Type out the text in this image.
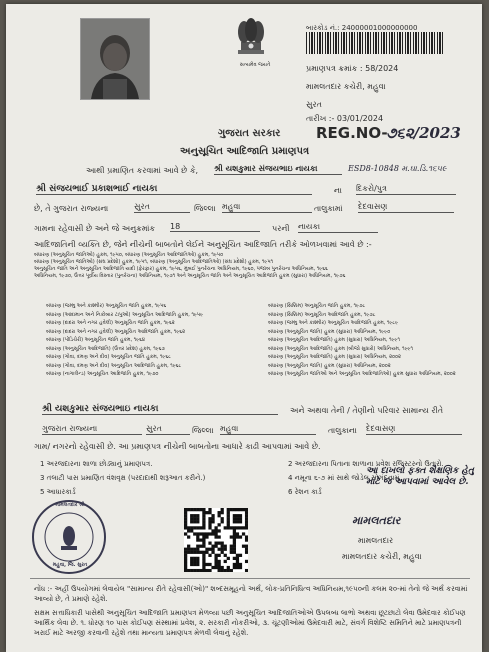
સત્યમેવ જયતે
બારકોડ નં.: 24000001000000000
પ્રમાણપત્ર ક્રમાંક : 58/2024
મામલતદાર કચેરી, મહુવા
સુરત
તારીખ :- 03/01/2024
ગુજરાત સરકાર REG.NO-
૭૬૨/2023
અનુસૂચિત આદિજાતિ પ્રમાણપત્ર
ESD8-10848 મ.ઘા.ડિ.૧૬૫૯
આથી પ્રમાણિત કરવામાં આવે છે કે, શ્રી યશકુમાર સંજયભાઇ નાયકા
શ્રી સંજયભાઈ પ્રકાશભાઈ નાયકા	ના દિકરો/પુત્ર
છે, તે ગુજરાત રાજ્યના	સુરત	જિલ્લા મહુવા	તાલુકામાં દેદવાસણ
ગામના રહેવાસી છે અને જે અનુક્રમાંક 18	પરની નાયકા
આદિજાતિની વ્યક્તિ છે, જેને નીચેની બાબતોને લેઈને અનુસૂચિત આદિજાતિ તરીકે ઓળખવામાં આવે છે :-
બંધારણ (અનુસૂચિત જાતિઓ) હુકમ, ૧૯૫૦, બંધારણ (અનુસૂચિત આદિજાતિઓ) હુકમ, ૧૯૫૦
બંધારણ (અનુસૂચિત જાતિઓ) (સંઘ પ્રદેશો) હુકમ, ૧૯૫૧, બંધારણ (અનુસૂચિત આદિજાતિઓ) (સંઘ પ્રદેશો) હુકમ, ૧૯૫૧
અનુસૂચિત જાતિ અને અનુસૂચિત આદિજાતિ યાદી (ફેરફાર) હુકમ, ૧૯૫૬, મુંબઈ પુનર્રચના અધિનિયમ, ૧૯૬૦, પંજાબ પુનર્રચના અધિનિયમ, ૧૯૬૬
અધિનિયમ, ૧૯૭૦, ઉત્તર પૂર્વીય વિસ્તાર (પુનર્રચના) અધિનિયમ, ૧૯૭૧ અને અનુસૂચિત જાતિ અને અનુસૂચિત આદિજાતિ હુકમ (સુધારા) અધિનિયમ, ૧૯૭૬
બંધારણ (જમ્મુ અને કાશ્મીર) અનુસૂચિત જાતિ હુકમ, ૧૯૫૬
બંધારણ (આંદામાન અને નિકોબાર ટાપુઓ) અનુસૂચિત આદિજાતિ હુકમ, ૧૯૫૯
બંધારણ (દાદરા અને નગર હવેલી) અનુસૂચિત જાતિ હુકમ, ૧૯૬૨
બંધારણ (દાદરા અને નગર હવેલી) અનુસૂચિત આદિજાતિ હુકમ, ૧૯૬૨
બંધારણ (પોંડિચેરી) અનુસૂચિત જાતિ હુકમ, ૧૯૬૪
બંધારણ (અનુસૂચિત આદિજાતિ) (ઉત્તર પ્રદેશ) હુકમ, ૧૯૬૭
બંધારણ (ગોવા, દમણ અને દીવ) અનુસૂચિત જાતિ હુકમ, ૧૯૬૮
બંધારણ (ગોવા, દમણ અને દીવ) અનુસૂચિત આદિજાતિ હુકમ, ૧૯૬૮
બંધારણ (નાગાલેન્ડ) અનુસૂચિત આદિજાતિ હુકમ, ૧૯૭૦
બંધારણ (સિક્કિમ) અનુસૂચિત જાતિ હુકમ, ૧૯૭૮
બંધારણ (સિક્કિમ) અનુસૂચિત આદિજાતિ હુકમ, ૧૯૭૮
બંધારણ (જમ્મુ અને કાશ્મીર) અનુસૂચિત આદિજાતિ હુકમ, ૧૯૮૯
બંધારણ (અનુસૂચિત જાતિ) હુકમ (સુધારા) અધિનિયમ, ૧૯૯૦
બંધારણ (અનુસૂચિત આદિજાતિ) હુકમ (સુધારા) અધિનિયમ, ૧૯૯૧
બંધારણ (અનુસૂચિત આદિજાતિ) હુકમ (બીજો સુધારો) અધિનિયમ, ૧૯૯૧
બંધારણ (અનુસૂચિત આદિજાતિ) હુકમ (સુધારા) અધિનિયમ, ૨૦૦૨
બંધારણ (અનુસૂચિત જાતિ) હુકમ (સુધારા) અધિનિયમ, ૨૦૦૨
બંધારણ (અનુસૂચિત જાતિઓ અને અનુસૂચિત આદિજાતિઓ) હુકમ સુધારા અધિનિયમ, ૨૦૦૨
શ્રી યશકુમાર સંજયભાઇ નાયકા	અને અથવા તેની / તેણીનો પરિવાર સામાન્ય રીતે
ગુજરાત રાજ્યના	સુરત	જિલ્લા મહુવા	તાલુકાના દેદવાસણ
ગામ/ નગરનો રહેવાસી છે. આ પ્રમાણપત્ર નીચેની બાબતોના આધારે કાઢી આપવામાં આવે છે.
1 અરજદારના શાળા છોડ્યાનું પ્રમાણપત્ર.
3 તલાટી પાસ પ્રમાણિત વંશવૃક્ષ (પરદાદાથી શરૂઆત કરીને.)
5 આધારકાર્ડ
2 અરજદારના પિતાના શાળાના પ્રવેશ રજિસ્ટરનો ઉતારો.
4 નમૂના ૬-૭ માં સાથે જોડેલ સોગંદનામું
6 રેશન કાર્ડ
આ દાખલો ફક્ત શૈક્ષણિક હેતુ માટે જ આપવામાં આવેલ છે.
મામલતદાર શ્રી
મહુવા, જિ. સુરત
મામલતદાર
મામલતદાર
મામલતદાર કચેરી, મહુવા
નોંધ :- અહીં ઉપયોગમાં લેવાયેલ "સામાન્ય રીતે રહેવાસી(ઓ)" શબ્દસમૂહનો અર્થ, લોક-પ્રતિનિધિત્વ અધિનિયમ,૧૯૫૦ની કલમ ૨૦-માં તેનો જે અર્થ કરવામાં આવ્યો છે, તે પ્રમાણે રહેશે.
સક્ષમ સત્તાધિકારી પાસેથી અનુસૂચિત આદિજાતિ પ્રમાણપત્ર મેળવ્યા પછી અનુસૂચિત આદિજાતિઓએ ઉપલબ્ધ લાભો અથવા છૂટછાટો લેવા ઉમેદવાર કોઈપણ આર્થિક લેવા છે. ૧. ધોરણ ૧૦ પાસ કોઈપણ સંસ્થામાં પ્રવેશ, ૨. સરકારી નોકરીઓ, ૩. ચૂંટણીઓમાં ઉમેદવારી માટે, સંવર્ગ વિશેષ્ટિ સમિતિને માટે પ્રમાણપત્રની ખરાઈ માટે અરજી કરવાની રહેશે તથા માન્યતા પ્રમાણપત્ર મેળવી લેવાનું રહેશે.
